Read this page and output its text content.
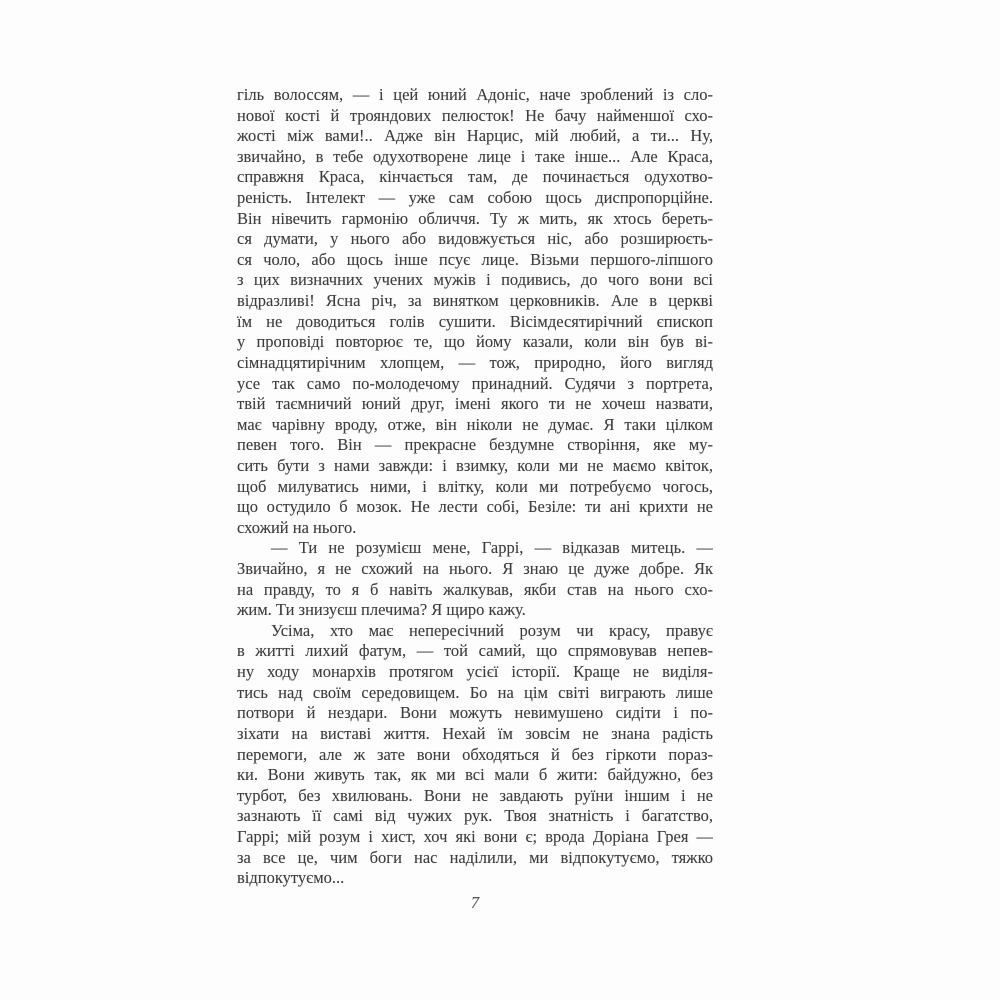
гіль волоссям, — і цей юний Адоніс, наче зроблений із сло-
нової кості й трояндових пелюсток! Не бачу найменшої схо-
жості між вами!.. Адже він Нарцис, мій любий, а ти... Ну,
звичайно, в тебе одухотворене лице і таке інше... Але Краса,
справжня Краса, кінчається там, де починається одухотво-
реність. Інтелект — уже сам собою щось диспропорційне.
Він нівечить гармонію обличчя. Ту ж мить, як хтось береть-
ся думати, у нього або видовжується ніс, або розширюєть-
ся чоло, або щось інше псує лице. Візьми першого-ліпшого
з цих визначних учених мужів і подивись, до чого вони всі
відразливі! Ясна річ, за винятком церковників. Але в церкві
їм не доводиться голів сушити. Вісімдесятирічний єпископ
у проповіді повторює те, що йому казали, коли він був ві-
сімнадцятирічним хлопцем, — тож, природно, його вигляд
усе так само по-молодечому принадний. Судячи з портрета,
твій таємничий юний друг, імені якого ти не хочеш назвати,
має чарівну вроду, отже, він ніколи не думає. Я таки цілком
певен того. Він — прекрасне бездумне створіння, яке му-
сить бути з нами завжди: і взимку, коли ми не маємо квіток,
щоб милуватись ними, і влітку, коли ми потребуємо чогось,
що остудило б мозок. Не лести собі, Безіле: ти ані крихти не
схожий на нього.
— Ти не розумієш мене, Гаррі, — відказав митець. —
Звичайно, я не схожий на нього. Я знаю це дуже добре. Як
на правду, то я б навіть жалкував, якби став на нього схо-
жим. Ти знизуєш плечима? Я щиро кажу.
Усіма, хто має непересічний розум чи красу, правує
в житті лихий фатум, — той самий, що спрямовував непев-
ну ходу монархів протягом усієї історії. Краще не виділя-
тись над своїм середовищем. Бо на цім світі виграють лише
потвори й нездари. Вони можуть невимушено сидіти і по-
зіхати на виставі життя. Нехай їм зовсім не знана радість
перемоги, але ж зате вони обходяться й без гіркоти пораз-
ки. Вони живуть так, як ми всі мали б жити: байдужно, без
турбот, без хвилювань. Вони не завдають руїни іншим і не
зазнають її самі від чужих рук. Твоя знатність і багатство,
Гаррі; мій розум і хист, хоч які вони є; врода Доріана Грея —
за все це, чим боги нас наділили, ми відпокутуємо, тяжко
відпокутуємо...
7
